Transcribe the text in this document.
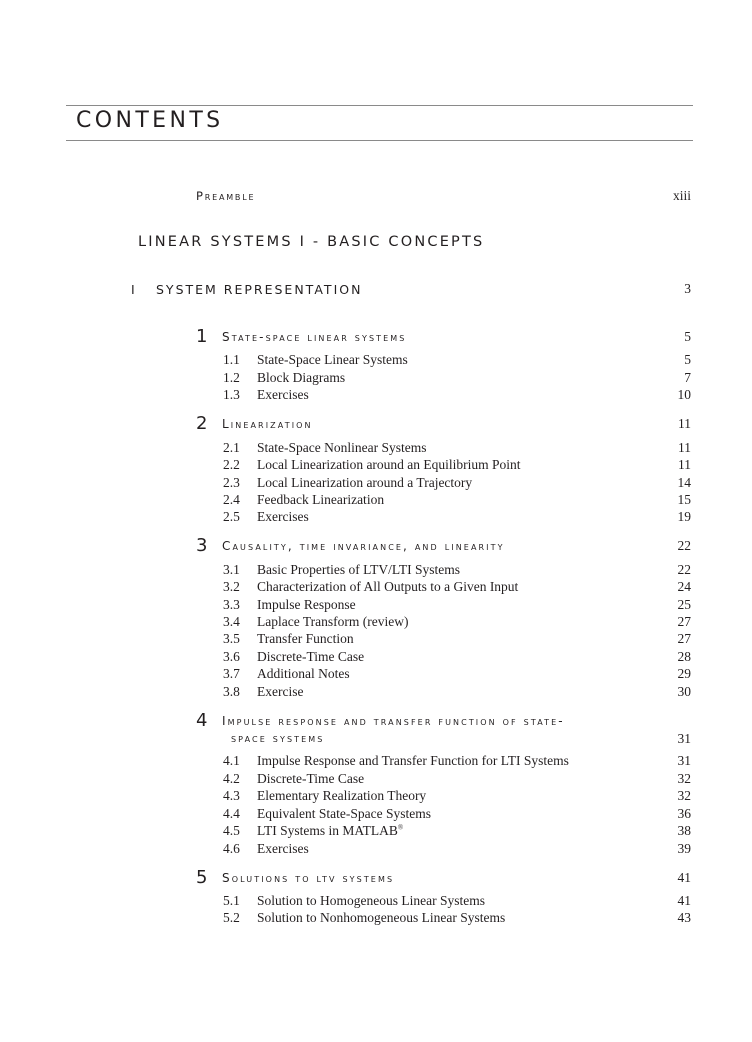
CONTENTS
Preamble	xiii
LINEAR SYSTEMS I - BASIC CONCEPTS
I SYSTEM REPRESENTATION	3
1 State-space linear systems	5
1.1 State-Space Linear Systems	5
1.2 Block Diagrams	7
1.3 Exercises	10
2 Linearization	11
2.1 State-Space Nonlinear Systems	11
2.2 Local Linearization around an Equilibrium Point	11
2.3 Local Linearization around a Trajectory	14
2.4 Feedback Linearization	15
2.5 Exercises	19
3 Causality, time invariance, and linearity	22
3.1 Basic Properties of LTV/LTI Systems	22
3.2 Characterization of All Outputs to a Given Input	24
3.3 Impulse Response	25
3.4 Laplace Transform (review)	27
3.5 Transfer Function	27
3.6 Discrete-Time Case	28
3.7 Additional Notes	29
3.8 Exercise	30
4 Impulse response and transfer function of state-
space systems	31
4.1 Impulse Response and Transfer Function for LTI Systems	31
4.2 Discrete-Time Case	32
4.3 Elementary Realization Theory	32
4.4 Equivalent State-Space Systems	36
4.5 LTI Systems in MATLAB®	38
4.6 Exercises	39
5 Solutions to ltv systems	41
5.1 Solution to Homogeneous Linear Systems	41
5.2 Solution to Nonhomogeneous Linear Systems	43
